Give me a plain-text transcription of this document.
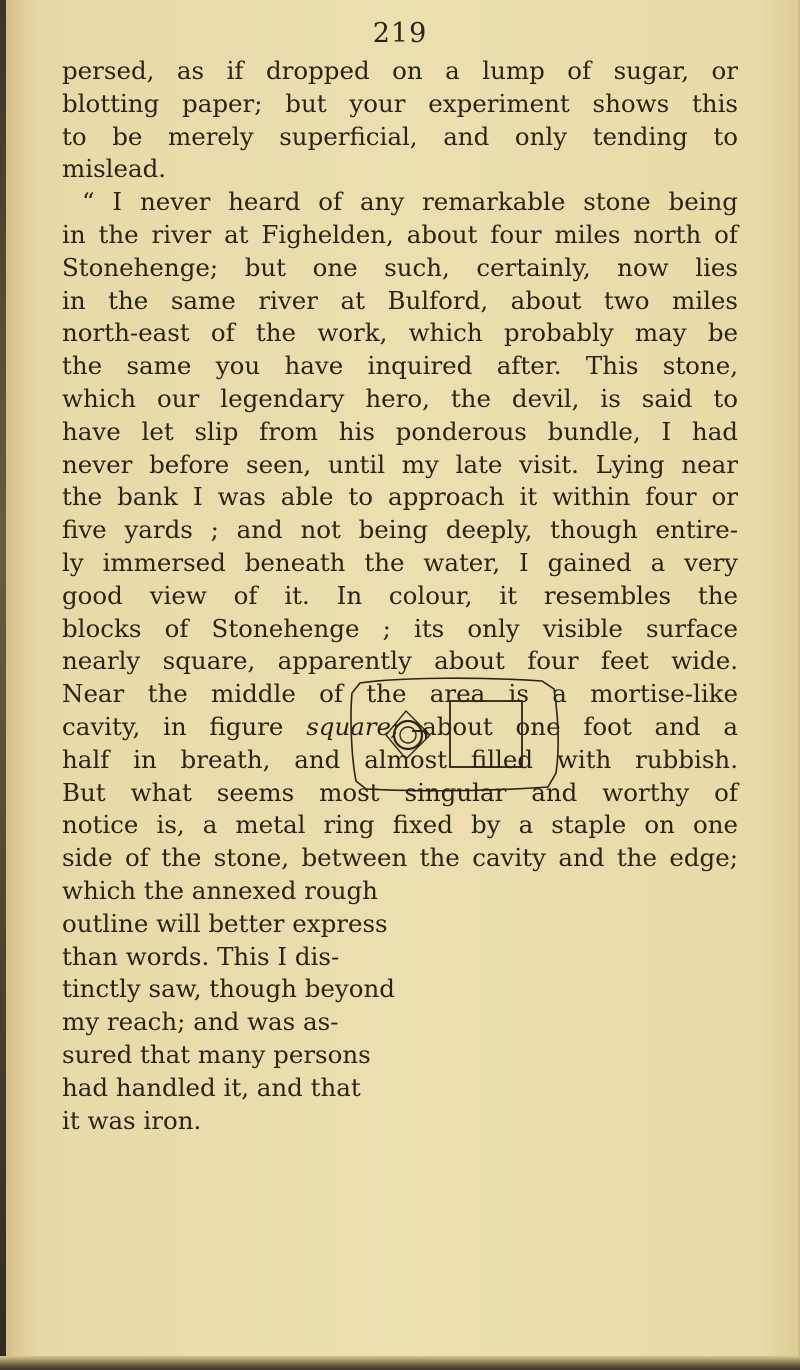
219
persed, as if dropped on a lump of sugar, or
blotting paper; but your experiment shows this
to be merely superficial, and only tending to
mislead.
“ I never heard of any remarkable stone being
in the river at Fighelden, about four miles north of
Stonehenge; but one such, certainly, now lies
in the same river at Bulford, about two miles
north-east of the work, which probably may be
the same you have inquired after. This stone,
which our legendary hero, the devil, is said to
have let slip from his ponderous bundle, I had
never before seen, until my late visit. Lying near
the bank I was able to approach it within four or
five yards ; and not being deeply, though entire-
ly immersed beneath the water, I gained a very
good view of it. In colour, it resembles the
blocks of Stonehenge ; its only visible surface
nearly square, apparently about four feet wide.
Near the middle of the area is a mortise-like
cavity, in figure square; about one foot and a
half in breath, and almost filled with rubbish.
But what seems most singular and worthy of
notice is, a metal ring fixed by a staple on one
side of the stone, between the cavity and the edge;
which the annexed rough
outline will better express
than words. This I dis-
tinctly saw, though beyond
my reach; and was as-
sured that many persons
had handled it, and that
it was iron.
